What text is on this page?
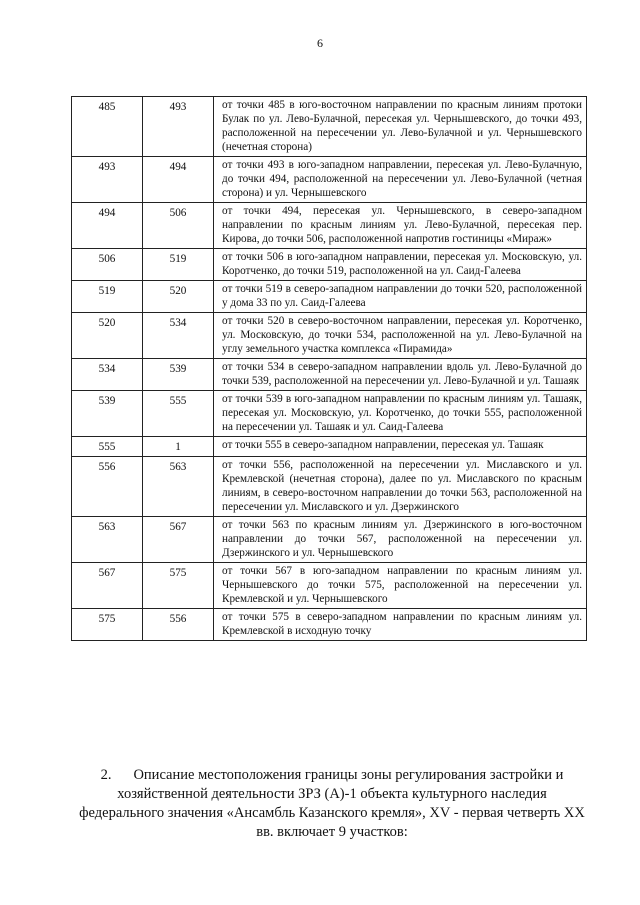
6
485	493	от точки 485 в юго-восточном направлении по красным линиям протоки Булак по ул. Лево-Булачной, пересекая ул. Чернышевского, до точки 493, расположенной на пересечении ул. Лево-Булачной и ул. Чернышевского (нечетная сторона)
493	494	от точки 493 в юго-западном направлении, пересекая ул. Лево-Булачную, до точки 494, расположенной на пересечении ул. Лево-Булачной (четная сторона) и ул. Чернышевского
494	506	от точки 494, пересекая ул. Чернышевского, в северо-западном направлении по красным линиям ул. Лево-Булачной, пересекая пер. Кирова, до точки 506, расположенной напротив гостиницы «Мираж»
506	519	от точки 506 в юго-западном направлении, пересекая ул. Московскую, ул. Коротченко, до точки 519, расположенной на ул. Саид-Галеева
519	520	от точки 519 в северо-западном направлении до точки 520, расположенной у дома 33 по ул. Саид-Галеева
520	534	от точки 520 в северо-восточном направлении, пересекая ул. Коротченко, ул. Московскую, до точки 534, расположенной на ул. Лево-Булачной на углу земельного участка комплекса «Пирамида»
534	539	от точки 534 в северо-западном направлении вдоль ул. Лево-Булачной до точки 539, расположенной на пересечении ул. Лево-Булачной и ул. Ташаяк
539	555	от точки 539 в юго-западном направлении по красным линиям ул. Ташаяк, пересекая ул. Московскую, ул. Коротченко, до точки 555, расположенной на пересечении ул. Ташаяк и ул. Саид-Галеева
555	1	от точки 555 в северо-западном направлении, пересекая ул. Ташаяк
556	563	от точки 556, расположенной на пересечении ул. Миславского и ул. Кремлевской (нечетная сторона), далее по ул. Миславского по красным линиям, в северо-восточном направлении до точки 563, расположенной на пересечении ул. Миславского и ул. Дзержинского
563	567	от точки 563 по красным линиям ул. Дзержинского в юго-восточном направлении до точки 567, расположенной на пересечении ул. Дзержинского и ул. Чернышевского
567	575	от точки 567 в юго-западном направлении по красным линиям ул. Чернышевского до точки 575, расположенной на пересечении ул. Кремлевской и ул. Чернышевского
575	556	от точки 575 в северо-западном направлении по красным линиям ул. Кремлевской в исходную точку
2. Описание местоположения границы зоны регулирования застройки и хозяйственной деятельности ЗРЗ (А)-1 объекта культурного наследия федерального значения «Ансамбль Казанского кремля», XV - первая четверть XX вв. включает 9 участков:
